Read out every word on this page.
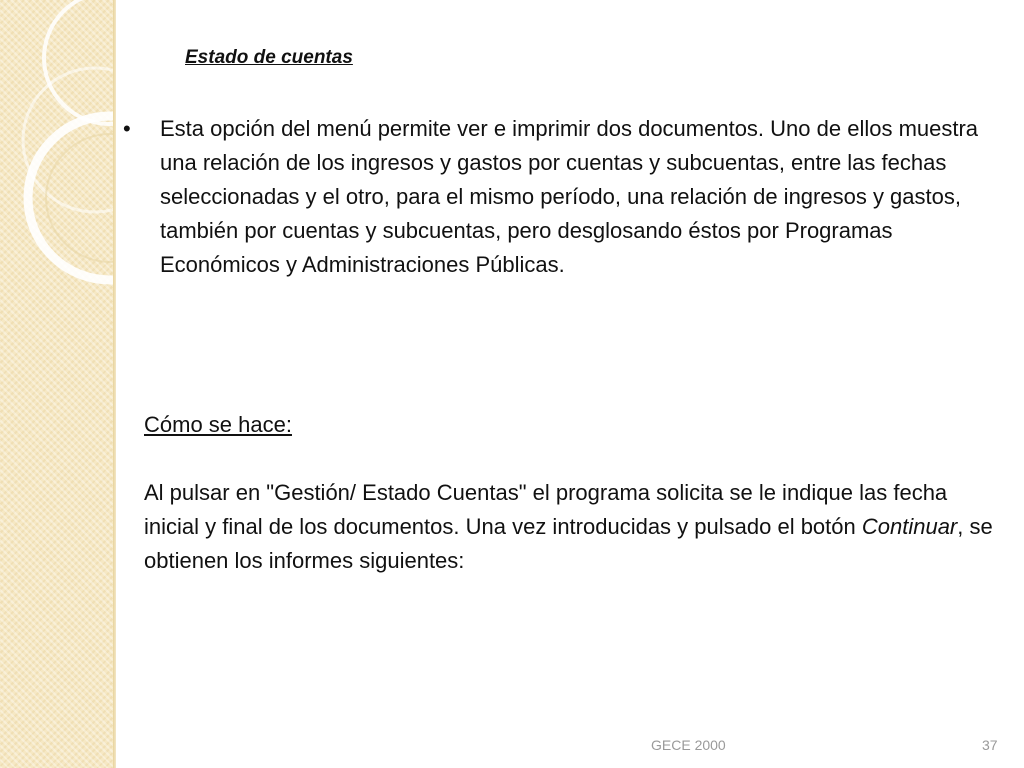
Estado de cuentas
• Esta opción del menú permite ver e imprimir dos documentos. Uno de ellos muestra una relación de los ingresos y gastos por cuentas y subcuentas, entre las fechas seleccionadas y el otro, para el mismo período, una relación de ingresos y gastos, también por cuentas y subcuentas, pero desglosando éstos por Programas Económicos y Administraciones Públicas.

Cómo se hace:

Al pulsar en "Gestión/ Estado Cuentas" el programa solicita se le indique las fecha inicial y final de los documentos. Una vez introducidas y pulsado el botón Continuar, se obtienen los informes siguientes:

GECE 2000	37
